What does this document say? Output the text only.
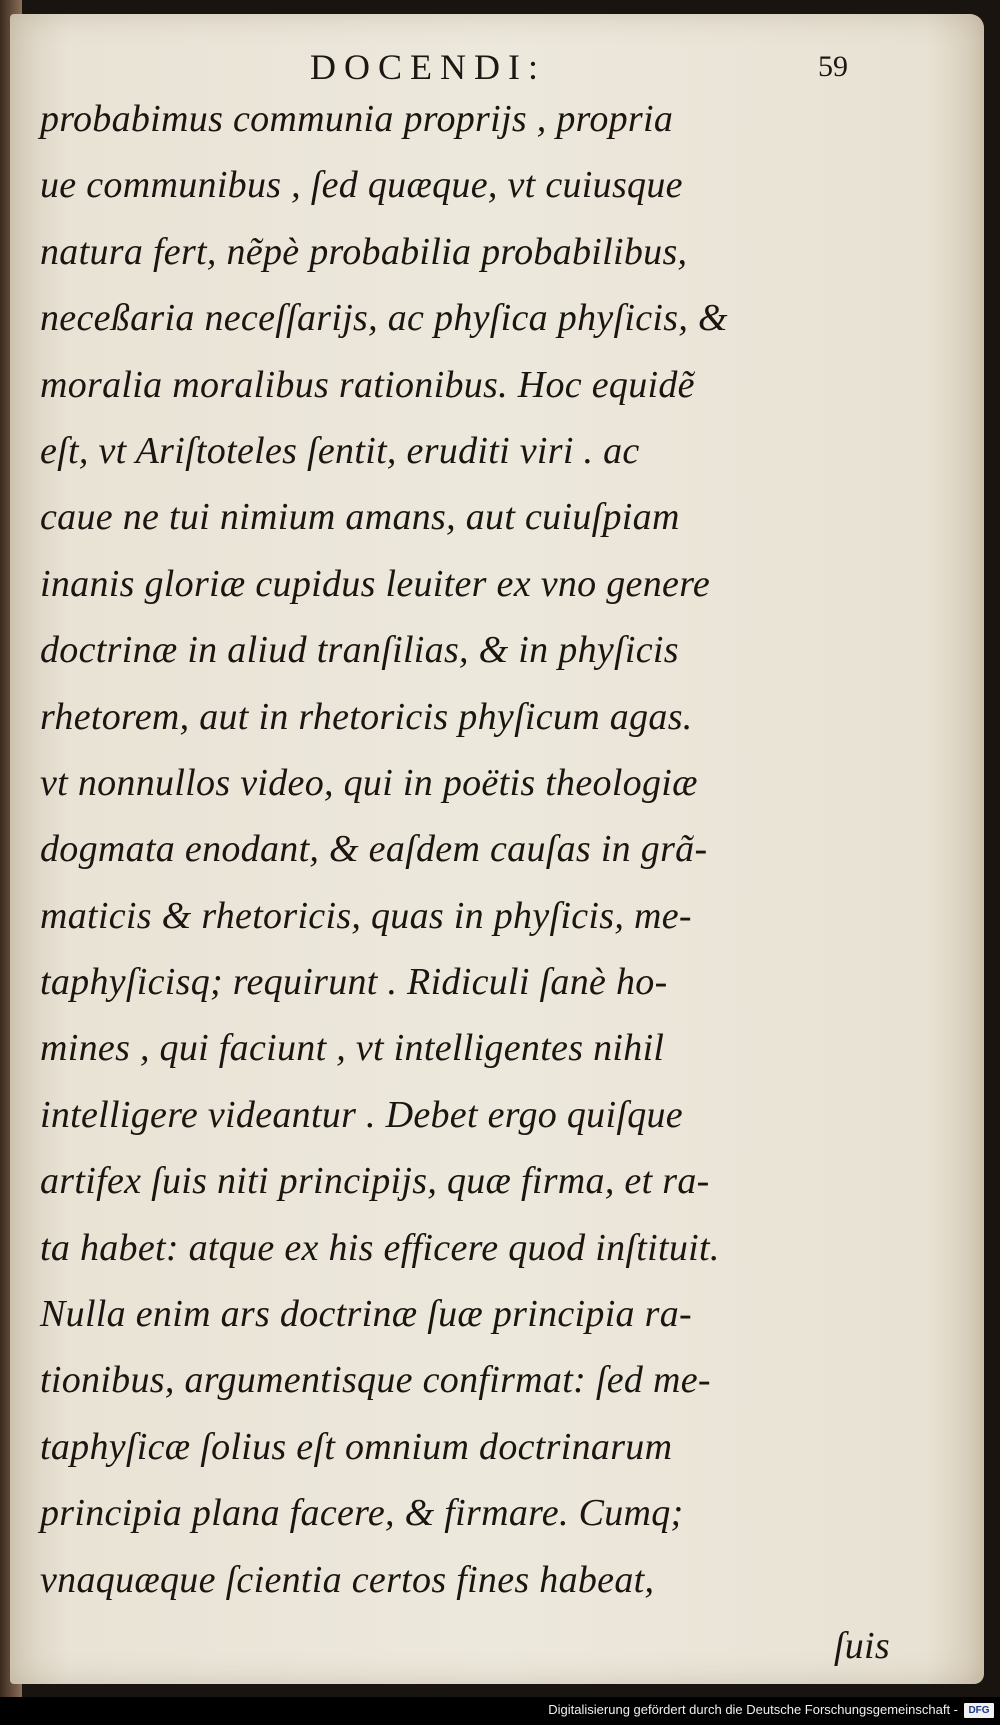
DOCENDI:	59
probabimus communia proprijs , propria
ue communibus , ſed quæque, vt cuiusque
natura fert, nẽpè probabilia probabilibus,
neceßaria neceſſarijs, ac phyſica phyſicis, &
moralia moralibus rationibus. Hoc equidẽ
eſt, vt Ariſtoteles ſentit, eruditi viri . ac
caue ne tui nimium amans, aut cuiuſpiam
inanis gloriæ cupidus leuiter ex vno genere
doctrinæ in aliud tranſilias, & in phyſicis
rhetorem, aut in rhetoricis phyſicum agas.
vt nonnullos video, qui in poëtis theologiæ
dogmata enodant, & eaſdem cauſas in grã-
maticis & rhetoricis, quas in phyſicis, me-
taphyſicisq; requirunt . Ridiculi ſanè ho-
mines , qui faciunt , vt intelligentes nihil
intelligere videantur . Debet ergo quiſque
artifex ſuis niti principijs, quæ firma, et ra-
ta habet: atque ex his efficere quod inſtituit.
Nulla enim ars doctrinæ ſuæ principia ra-
tionibus, argumentisque confirmat: ſed me-
taphyſicæ ſolius eſt omnium doctrinarum
principia plana facere, & firmare. Cumq;
vnaquæque ſcientia certos fines habeat,
ſuis
Digitalisierung gefördert durch die Deutsche Forschungsgemeinschaft -	DFG
